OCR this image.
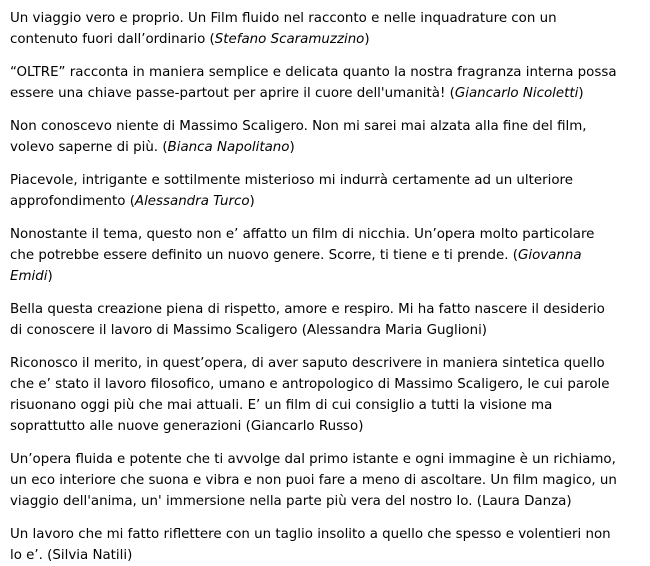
Un viaggio vero e proprio. Un Film fluido nel racconto e nelle inquadrature con un contenuto fuori dall’ordinario (Stefano Scaramuzzino)

“OLTRE” racconta in maniera semplice e delicata quanto la nostra fragranza interna possa essere una chiave passe-partout per aprire il cuore dell'umanità! (Giancarlo Nicoletti)

Non conoscevo niente di Massimo Scaligero. Non mi sarei mai alzata alla fine del film, volevo saperne di più. (Bianca Napolitano)

Piacevole, intrigante e sottilmente misterioso mi indurrà certamente ad un ulteriore approfondimento (Alessandra Turco)

Nonostante il tema, questo non e’ affatto un film di nicchia. Un’opera molto particolare che potrebbe essere definito un nuovo genere. Scorre, ti tiene e ti prende. (Giovanna Emidi)

Bella questa creazione piena di rispetto, amore e respiro. Mi ha fatto nascere il desiderio di conoscere il lavoro di Massimo Scaligero (Alessandra Maria Guglioni)

Riconosco il merito, in quest’opera, di aver saputo descrivere in maniera sintetica quello che e’ stato il lavoro filosofico, umano e antropologico di Massimo Scaligero, le cui parole risuonano oggi più che mai attuali. E’ un film di cui consiglio a tutti la visione ma soprattutto alle nuove generazioni (Giancarlo Russo)

Un’opera fluida e potente che ti avvolge dal primo istante e ogni immagine è un richiamo, un eco interiore che suona e vibra e non puoi fare a meno di ascoltare. Un film magico, un viaggio dell'anima, un' immersione nella parte più vera del nostro Io. (Laura Danza)

Un lavoro che mi fatto riflettere con un taglio insolito a quello che spesso e volentieri non lo e’. (Silvia Natili)
